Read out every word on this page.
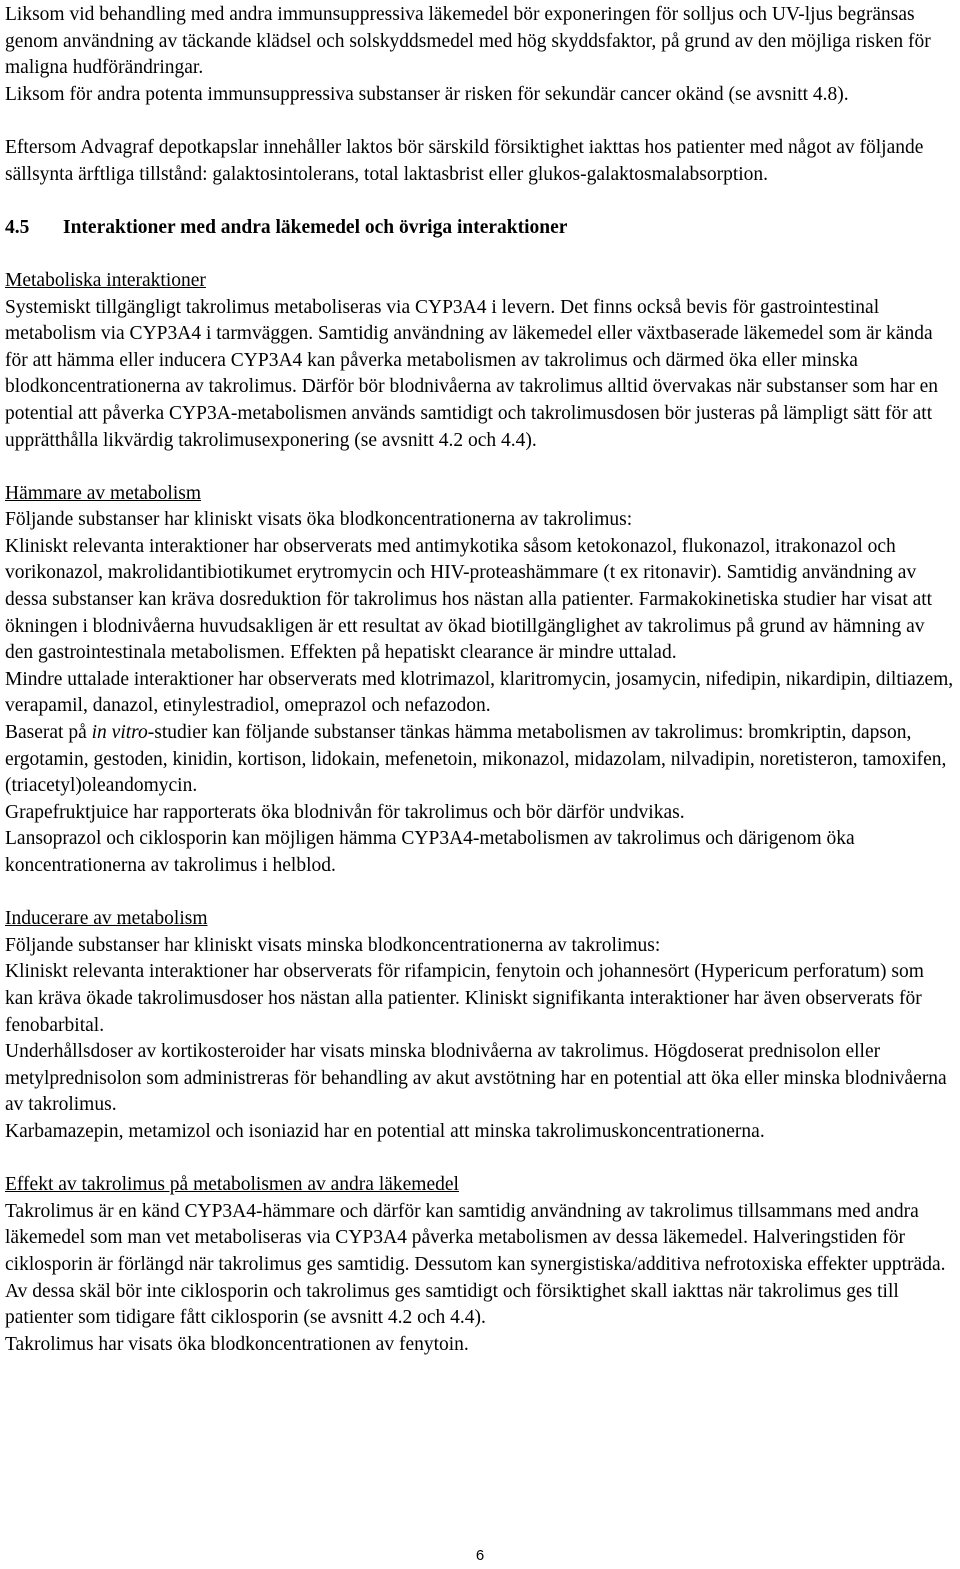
Liksom vid behandling med andra immunsuppressiva läkemedel bör exponeringen för solljus och UV-ljus begränsas genom användning av täckande klädsel och solskyddsmedel med hög skyddsfaktor, på grund av den möjliga risken för maligna hudförändringar.

Liksom för andra potenta immunsuppressiva substanser är risken för sekundär cancer okänd (se avsnitt 4.8).

Eftersom Advagraf depotkapslar innehåller laktos bör särskild försiktighet iakttas hos patienter med något av följande sällsynta ärftliga tillstånd: galaktosintolerans, total laktasbrist eller glukos-galaktosmalabsorption.

4.5 Interaktioner med andra läkemedel och övriga interaktioner

Metaboliska interaktioner

Systemiskt tillgängligt takrolimus metaboliseras via CYP3A4 i levern. Det finns också bevis för gastrointestinal metabolism via CYP3A4 i tarmväggen. Samtidig användning av läkemedel eller växtbaserade läkemedel som är kända för att hämma eller inducera CYP3A4 kan påverka metabolismen av takrolimus och därmed öka eller minska blodkoncentrationerna av takrolimus. Därför bör blodnivåerna av takrolimus alltid övervakas när substanser som har en potential att påverka CYP3A-metabolismen används samtidigt och takrolimusdosen bör justeras på lämpligt sätt för att upprätthålla likvärdig takrolimusexponering (se avsnitt 4.2 och 4.4).

Hämmare av metabolism

Följande substanser har kliniskt visats öka blodkoncentrationerna av takrolimus:

Kliniskt relevanta interaktioner har observerats med antimykotika såsom ketokonazol, flukonazol, itrakonazol och vorikonazol, makrolidantibiotikumet erytromycin och HIV-proteashämmare (t ex ritonavir). Samtidig användning av dessa substanser kan kräva dosreduktion för takrolimus hos nästan alla patienter. Farmakokinetiska studier har visat att ökningen i blodnivåerna huvudsakligen är ett resultat av ökad biotillgänglighet av takrolimus på grund av hämning av den gastrointestinala metabolismen. Effekten på hepatiskt clearance är mindre uttalad.

Mindre uttalade interaktioner har observerats med klotrimazol, klaritromycin, josamycin, nifedipin, nikardipin, diltiazem, verapamil, danazol, etinylestradiol, omeprazol och nefazodon.

Baserat på in vitro-studier kan följande substanser tänkas hämma metabolismen av takrolimus: bromkriptin, dapson, ergotamin, gestoden, kinidin, kortison, lidokain, mefenetoin, mikonazol, midazolam, nilvadipin, noretisteron, tamoxifen, (triacetyl)oleandomycin.

Grapefruktjuice har rapporterats öka blodnivån för takrolimus och bör därför undvikas.

Lansoprazol och ciklosporin kan möjligen hämma CYP3A4-metabolismen av takrolimus och därigenom öka koncentrationerna av takrolimus i helblod.

Inducerare av metabolism

Följande substanser har kliniskt visats minska blodkoncentrationerna av takrolimus:

Kliniskt relevanta interaktioner har observerats för rifampicin, fenytoin och johannesört (Hypericum perforatum) som kan kräva ökade takrolimusdoser hos nästan alla patienter. Kliniskt signifikanta interaktioner har även observerats för fenobarbital.

Underhållsdoser av kortikosteroider har visats minska blodnivåerna av takrolimus. Högdoserat prednisolon eller metylprednisolon som administreras för behandling av akut avstötning har en potential att öka eller minska blodnivåerna av takrolimus.

Karbamazepin, metamizol och isoniazid har en potential att minska takrolimuskoncentrationerna.

Effekt av takrolimus på metabolismen av andra läkemedel

Takrolimus är en känd CYP3A4-hämmare och därför kan samtidig användning av takrolimus tillsammans med andra läkemedel som man vet metaboliseras via CYP3A4 påverka metabolismen av dessa läkemedel. Halveringstiden för ciklosporin är förlängd när takrolimus ges samtidig. Dessutom kan synergistiska/additiva nefrotoxiska effekter uppträda. Av dessa skäl bör inte ciklosporin och takrolimus ges samtidigt och försiktighet skall iakttas när takrolimus ges till patienter som tidigare fått ciklosporin (se avsnitt 4.2 och 4.4).

Takrolimus har visats öka blodkoncentrationen av fenytoin.

6
